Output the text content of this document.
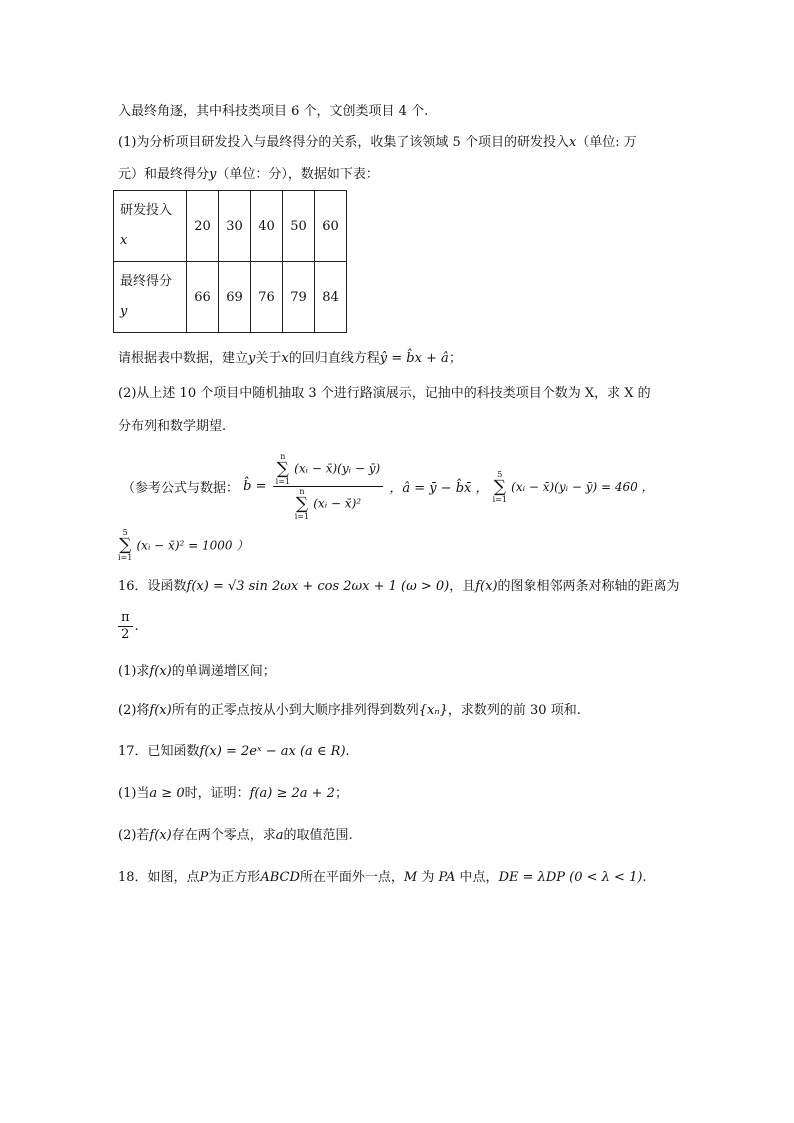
入最终角逐，其中科技类项目 6 个，文创类项目 4 个.
(1)为分析项目研发投入与最终得分的关系，收集了该领域 5 个项目的研发投入x（单位: 万
元）和最终得分y（单位：分），数据如下表：
研发投入
x	20	30	40	50	60
最终得分
y	66	69	76	79	84
请根据表中数据，建立y关于x的回归直线方程ŷ = b̂x + â；
(2)从上述 10 个项目中随机抽取 3 个进行路演展示，记抽中的科技类项目个数为 X，求 X 的
分布列和数学期望.
（参考公式与数据： b̂ = n
∑
i=1 (xᵢ − x̄)(yᵢ − ȳ)
n
∑
i=1 (xᵢ − x̄)² ，â = ȳ − b̂x̄ ， 5
∑
i=1 (xᵢ − x̄)(yᵢ − ȳ) = 460 ，
5
∑
i=1 (xᵢ − x̄)² = 1000 ）
16．设函数f(x) = √3 sin 2ωx + cos 2ωx + 1 (ω > 0)，且f(x)的图象相邻两条对称轴的距离为
$\frac{\pi}{2}$ .
(1)求f(x)的单调递增区间；
(2)将f(x)所有的正零点按从小到大顺序排列得到数列{xₙ}，求数列的前 30 项和.
17．已知函数f(x) = 2eˣ − ax (a ∈ R).
(1)当a ≥ 0时，证明：f(a) ≥ 2a + 2；
(2)若f(x)存在两个零点，求a的取值范围.
18．如图，点P为正方形ABCD所在平面外一点，M 为 PA 中点，DE = λDP (0 < λ < 1).
